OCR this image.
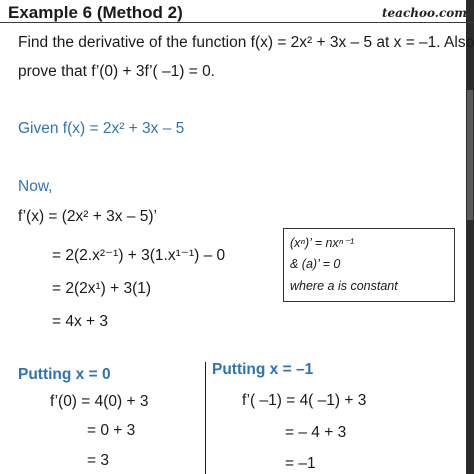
Example 6 (Method 2)	teachoo.com
Find the derivative of the function f(x) = 2x² + 3x – 5 at x = –1. Also
prove that f’(0) + 3f’( –1) = 0.
Given f(x) = 2x² + 3x – 5
Now,
f’(x) = (2x² + 3x – 5)’
= 2(2.x²⁻¹) + 3(1.x¹⁻¹) – 0
= 2(2x¹) + 3(1)
= 4x + 3
(xⁿ)’ = nxⁿ⁻¹
& (a)’ = 0
where a is constant
Putting x = 0
f’(0) = 4(0) + 3
= 0 + 3
= 3
Putting x = –1
f’( –1) = 4( –1) + 3
= – 4 + 3
= –1
